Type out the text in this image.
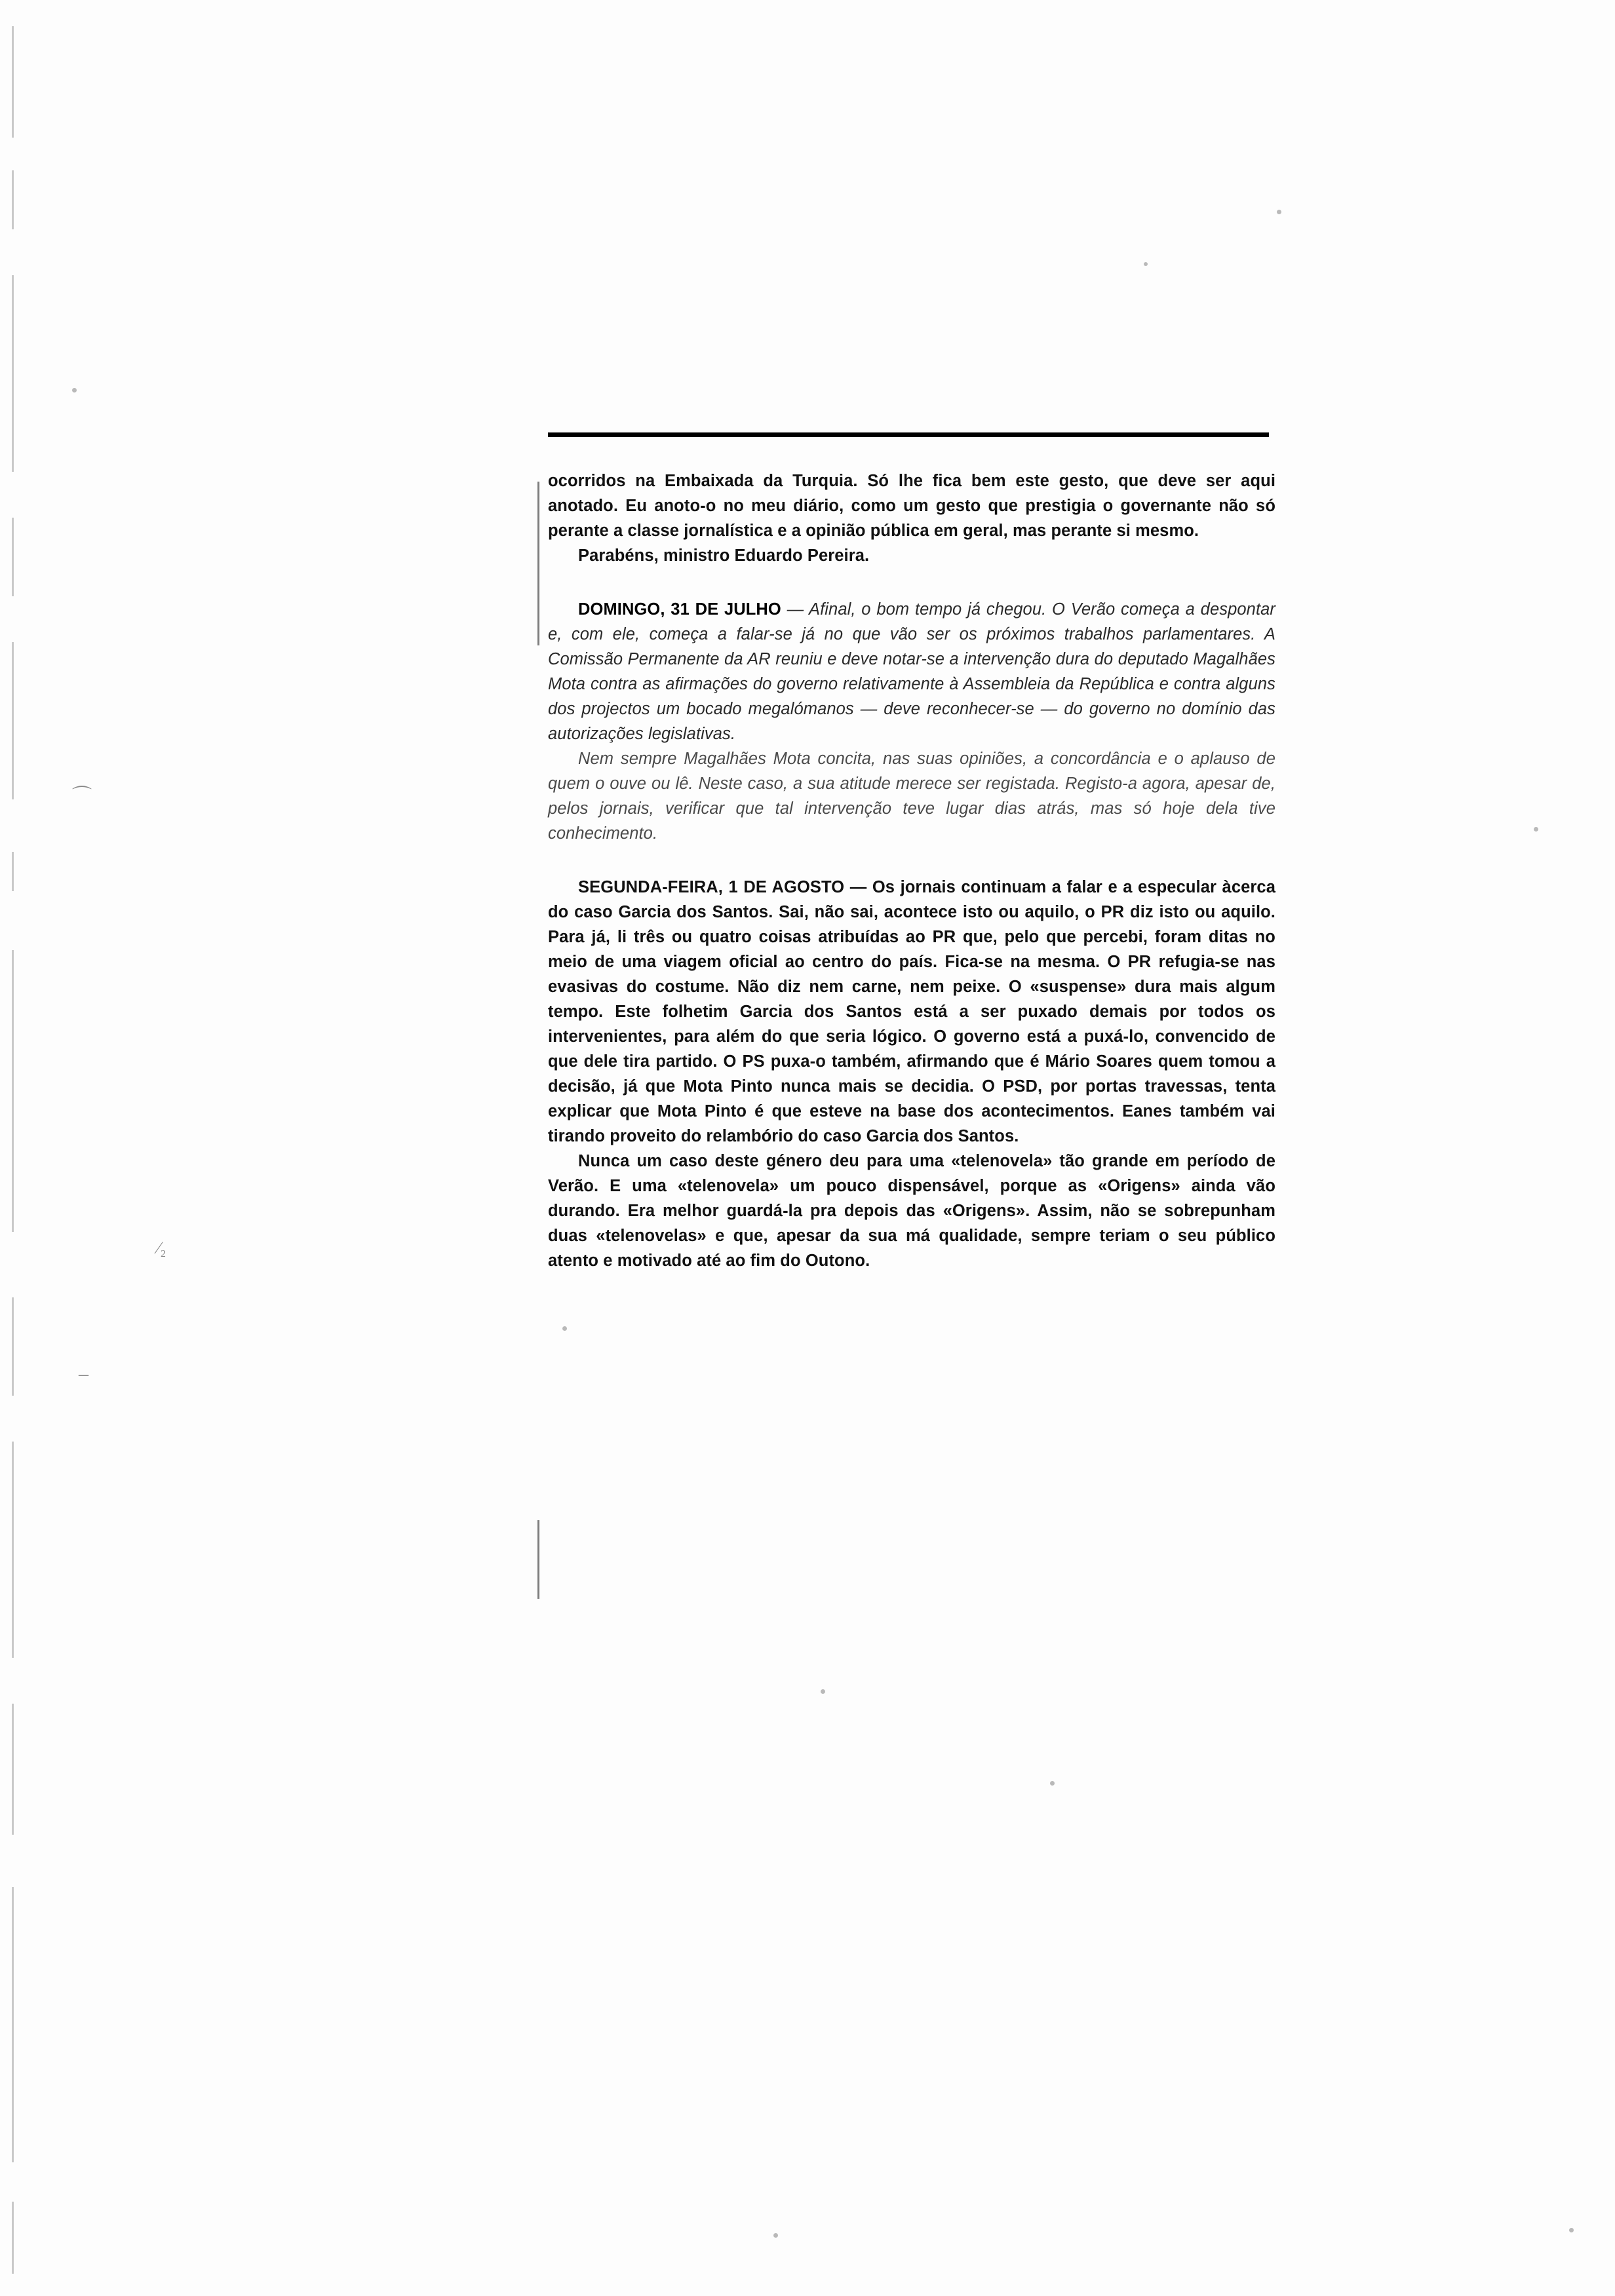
⌒
⁄₂
–

ocorridos na Embaixada da Turquia. Só lhe fica bem este gesto, que deve ser aqui anotado. Eu anoto-o no meu diário, como um gesto que prestigia o governante não só perante a classe jornalística e a opinião pública em geral, mas perante si mesmo.

Parabéns, ministro Eduardo Pereira.

DOMINGO, 31 DE JULHO — Afinal, o bom tempo já chegou. O Verão começa a despontar e, com ele, começa a falar-se já no que vão ser os próximos trabalhos parlamentares. A Comissão Permanente da AR reuniu e deve notar-se a intervenção dura do deputado Magalhães Mota contra as afirmações do governo relativamente à Assembleia da República e contra alguns dos projectos um bocado megalómanos — deve reconhecer-se — do governo no domínio das autorizações legislativas.

Nem sempre Magalhães Mota concita, nas suas opiniões, a concordância e o aplauso de quem o ouve ou lê. Neste caso, a sua atitude merece ser registada. Registo-a agora, apesar de, pelos jornais, verificar que tal intervenção teve lugar dias atrás, mas só hoje dela tive conhecimento.

SEGUNDA-FEIRA, 1 DE AGOSTO — Os jornais continuam a falar e a especular àcerca do caso Garcia dos Santos. Sai, não sai, acontece isto ou aquilo, o PR diz isto ou aquilo. Para já, li três ou quatro coisas atribuídas ao PR que, pelo que percebi, foram ditas no meio de uma viagem oficial ao centro do país. Fica-se na mesma. O PR refugia-se nas evasivas do costume. Não diz nem carne, nem peixe. O «suspense» dura mais algum tempo. Este folhetim Garcia dos Santos está a ser puxado demais por todos os intervenientes, para além do que seria lógico. O governo está a puxá-lo, convencido de que dele tira partido. O PS puxa-o também, afirmando que é Mário Soares quem tomou a decisão, já que Mota Pinto nunca mais se decidia. O PSD, por portas travessas, tenta explicar que Mota Pinto é que esteve na base dos acontecimentos. Eanes também vai tirando proveito do relambório do caso Garcia dos Santos.

Nunca um caso deste género deu para uma «telenovela» tão grande em período de Verão. E uma «telenovela» um pouco dispensável, porque as «Origens» ainda vão durando. Era melhor guardá-la pra depois das «Origens». Assim, não se sobrepunham duas «telenovelas» e que, apesar da sua má qualidade, sempre teriam o seu público atento e motivado até ao fim do Outono.
